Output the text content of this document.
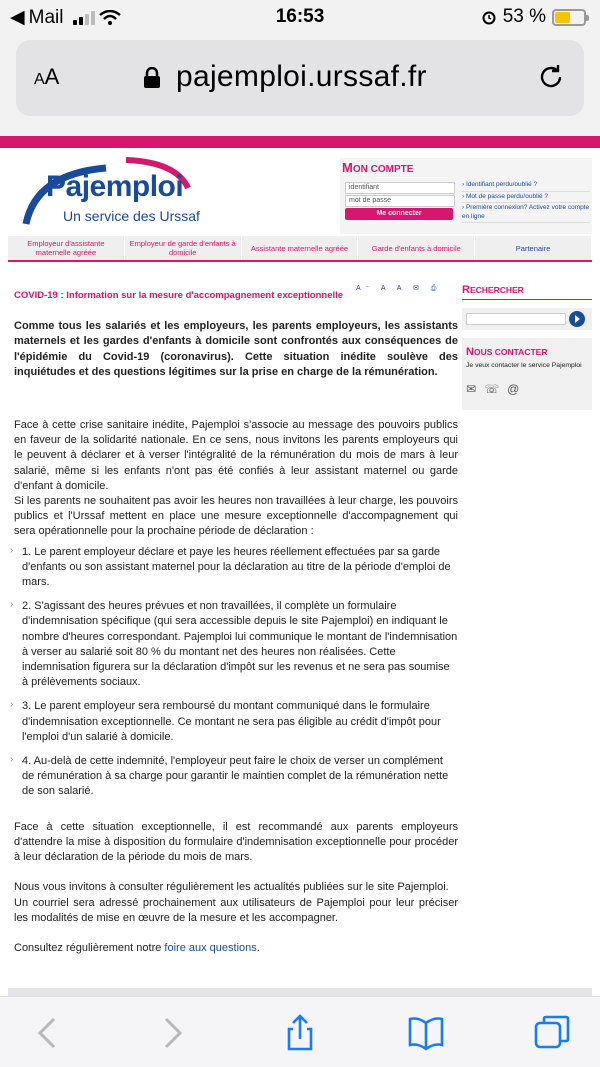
◀ Mail	16:53	53 %
AA	pajemploi.urssaf.fr
Pajemploi
Un service des Urssaf
MON COMPTE
identifiant
mot de passe
Me connecter
› Identifiant perdu/oublié ?
› Mot de passe perdu/oublié ?
› Première connexion? Activez votre compte en ligne
Employeur d'assistante maternelle agréée
Employeur de garde d'enfants à domicile	Assistante maternelle agréée	Garde d'enfants à domicile	Partenaire
A⁻ A A ✉ ⎙
COVID-19 : Information sur la mesure d'accompagnement exceptionnelle
Comme tous les salariés et les employeurs, les parents employeurs, les assistants maternels et les gardes d'enfants à domicile sont confrontés aux conséquences de l'épidémie du Covid-19 (coronavirus). Cette situation inédite soulève des inquiétudes et des questions légitimes sur la prise en charge de la rémunération.
Face à cette crise sanitaire inédite, Pajemploi s'associe au message des pouvoirs publics en faveur de la solidarité nationale. En ce sens, nous invitons les parents employeurs qui le peuvent à déclarer et à verser l'intégralité de la rémunération du mois de mars à leur salarié, même si les enfants n'ont pas été confiés à leur assistant maternel ou garde d'enfant à domicile.
Si les parents ne souhaitent pas avoir les heures non travaillées à leur charge, les pouvoirs publics et l'Urssaf mettent en place une mesure exceptionnelle d'accompagnement qui sera opérationnelle pour la prochaine période de déclaration :
› 1. Le parent employeur déclare et paye les heures réellement effectuées par sa garde d'enfants ou son assistant maternel pour la déclaration au titre de la période d'emploi de mars.
› 2. S'agissant des heures prévues et non travaillées, il complète un formulaire d'indemnisation spécifique (qui sera accessible depuis le site Pajemploi) en indiquant le nombre d'heures correspondant. Pajemploi lui communique le montant de l'indemnisation à verser au salarié soit 80 % du montant net des heures non réalisées. Cette indemnisation figurera sur la déclaration d'impôt sur les revenus et ne sera pas soumise à prélèvements sociaux.
› 3. Le parent employeur sera remboursé du montant communiqué dans le formulaire d'indemnisation exceptionnelle. Ce montant ne sera pas éligible au crédit d'impôt pour l'emploi d'un salarié à domicile.
› 4. Au-delà de cette indemnité, l'employeur peut faire le choix de verser un complément de rémunération à sa charge pour garantir le maintien complet de la rémunération nette de son salarié.
Face à cette situation exceptionnelle, il est recommandé aux parents employeurs d'attendre la mise à disposition du formulaire d'indemnisation exceptionnelle pour procéder à leur déclaration de la période du mois de mars.
Nous vous invitons à consulter régulièrement les actualités publiées sur le site Pajemploi.
Un courriel sera adressé prochainement aux utilisateurs de Pajemploi pour leur préciser les modalités de mise en œuvre de la mesure et les accompagner.
Consultez régulièrement notre foire aux questions.
RECHERCHER
NOUS CONTACTER
Je veux contacter le service Pajemploi
✉ ☏ @
